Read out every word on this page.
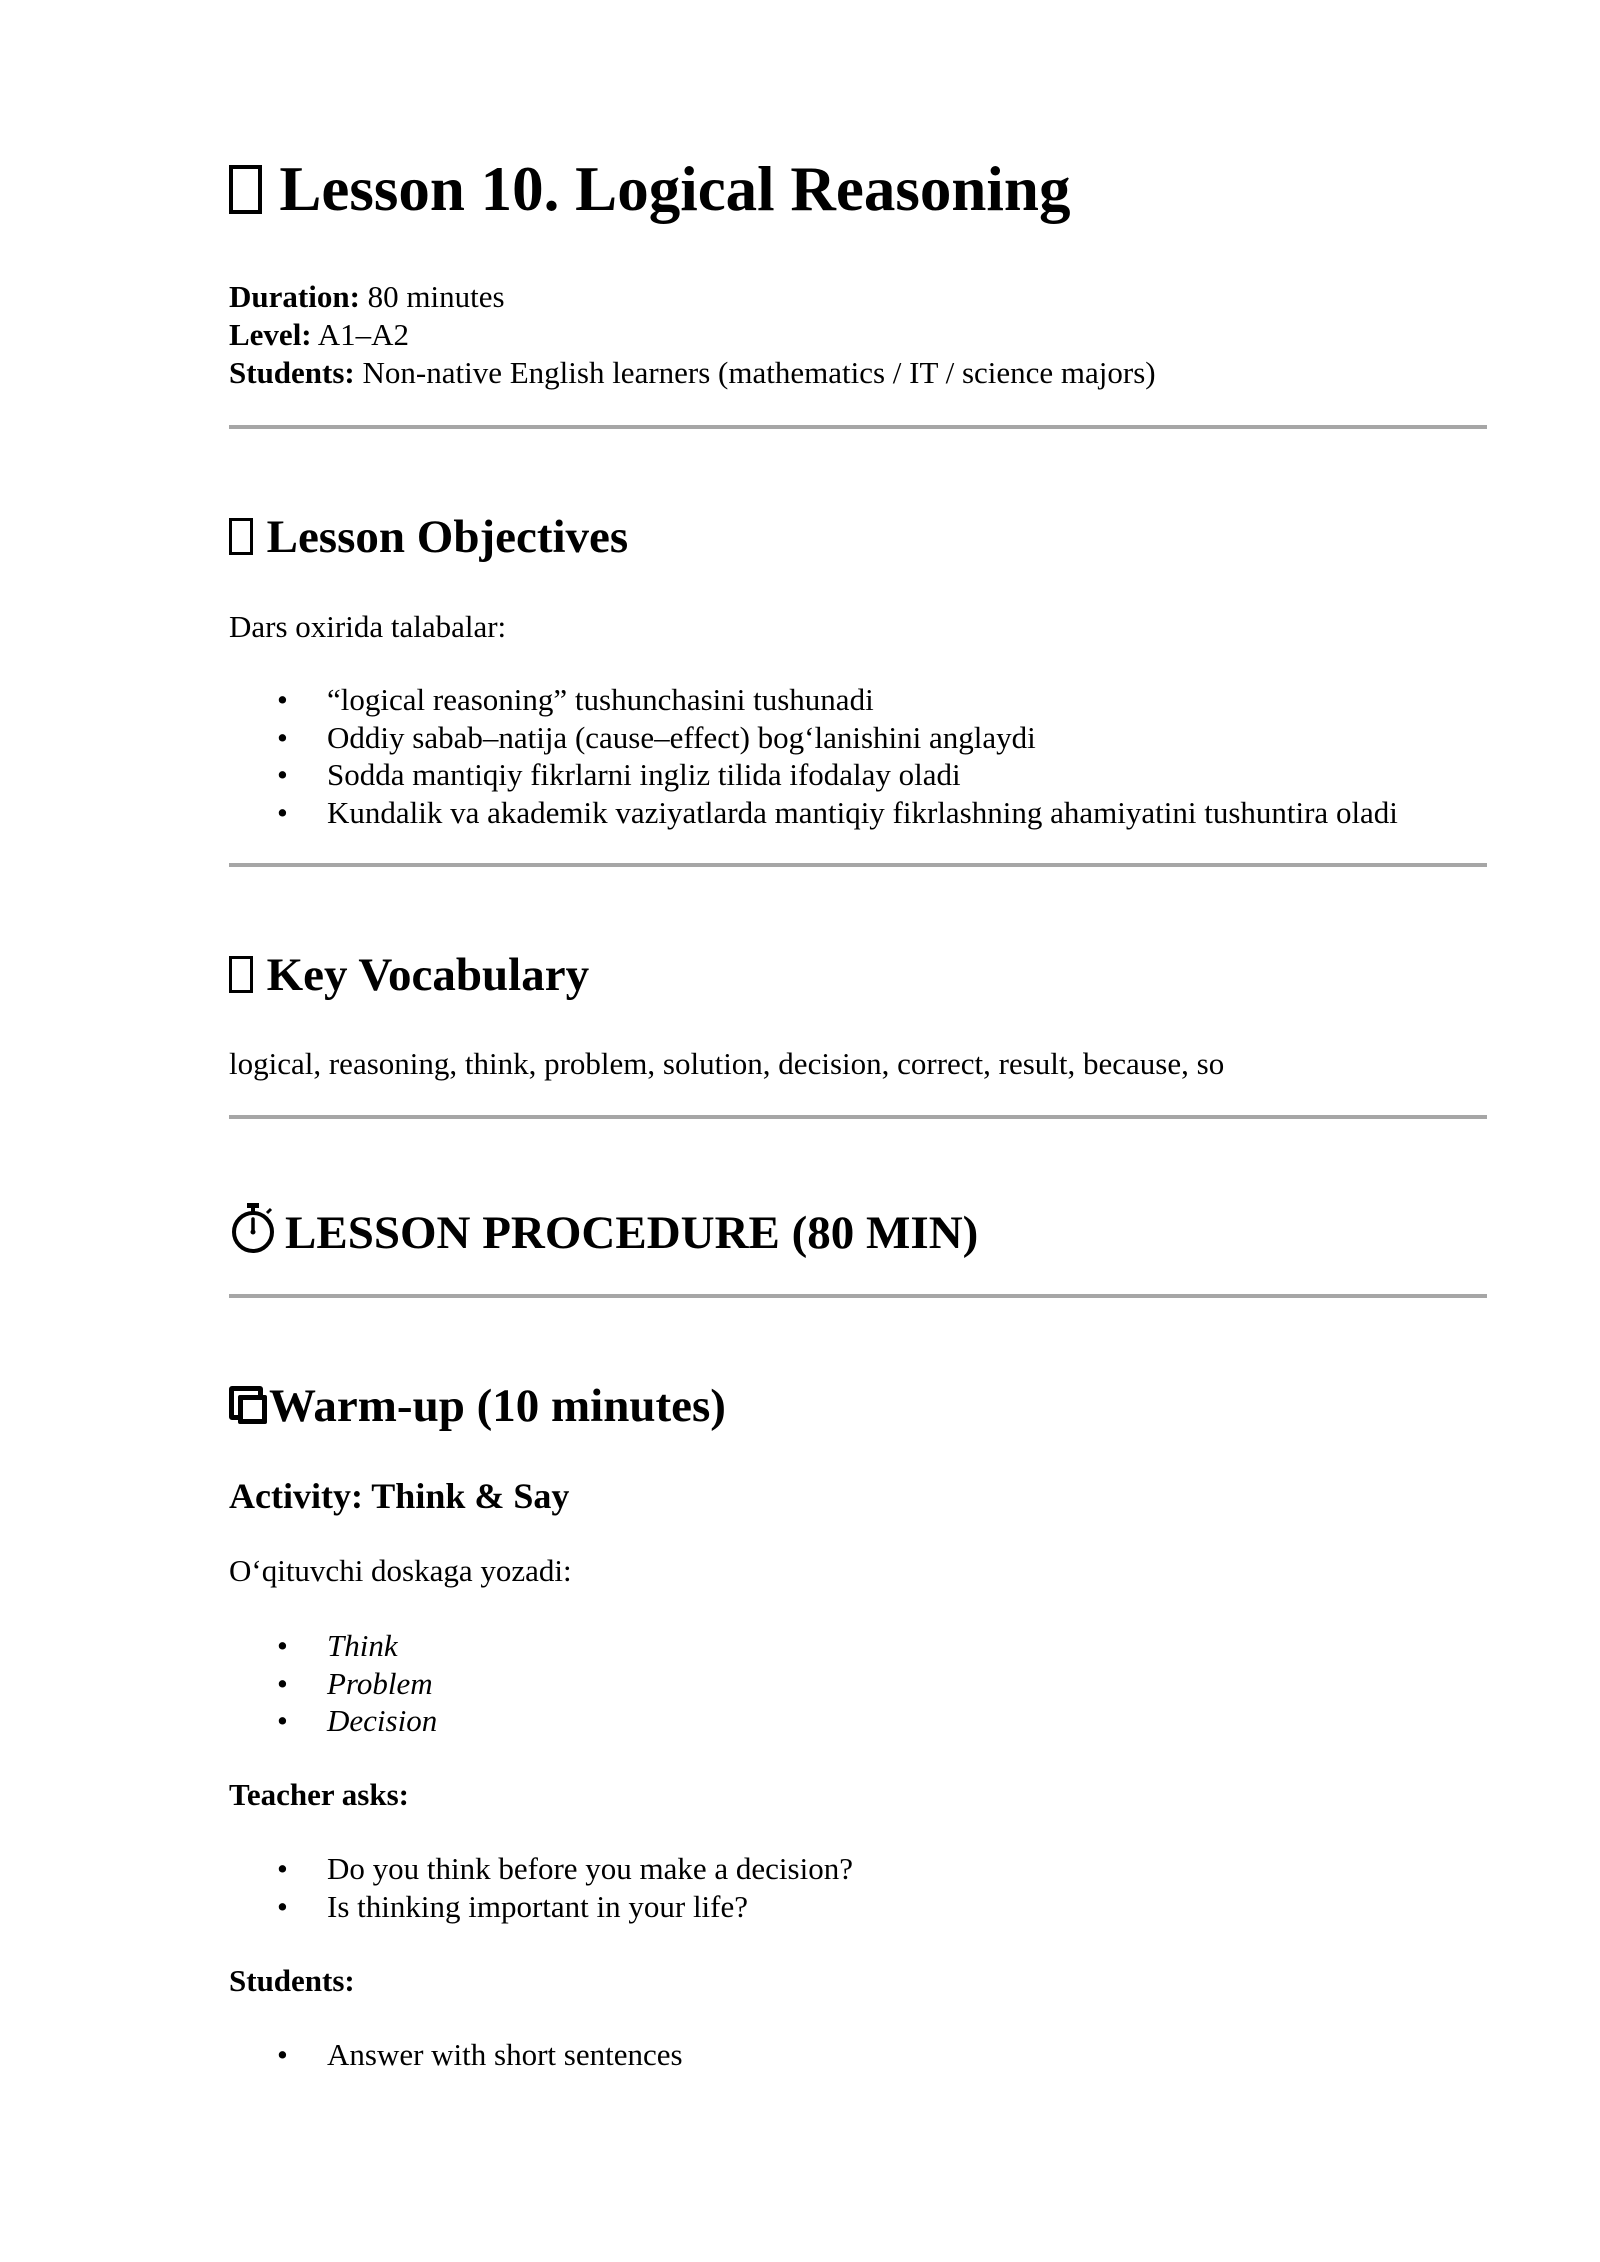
Lesson 10. Logical Reasoning
Duration: 80 minutes
Level: A1–A2
Students: Non-native English learners (mathematics / IT / science majors)
Lesson Objectives
Dars oxirida talabalar:
• “logical reasoning” tushunchasini tushunadi
• Oddiy sabab–natija (cause–effect) bog‘lanishini anglaydi
• Sodda mantiqiy fikrlarni ingliz tilida ifodalay oladi
• Kundalik va akademik vaziyatlarda mantiqiy fikrlashning ahamiyatini tushuntira oladi
Key Vocabulary
logical, reasoning, think, problem, solution, decision, correct, result, because, so
LESSON PROCEDURE (80 MIN)
Warm-up (10 minutes)
Activity: Think & Say
O‘qituvchi doskaga yozadi:
• Think
• Problem
• Decision
Teacher asks:
• Do you think before you make a decision?
• Is thinking important in your life?
Students:
• Answer with short sentences
